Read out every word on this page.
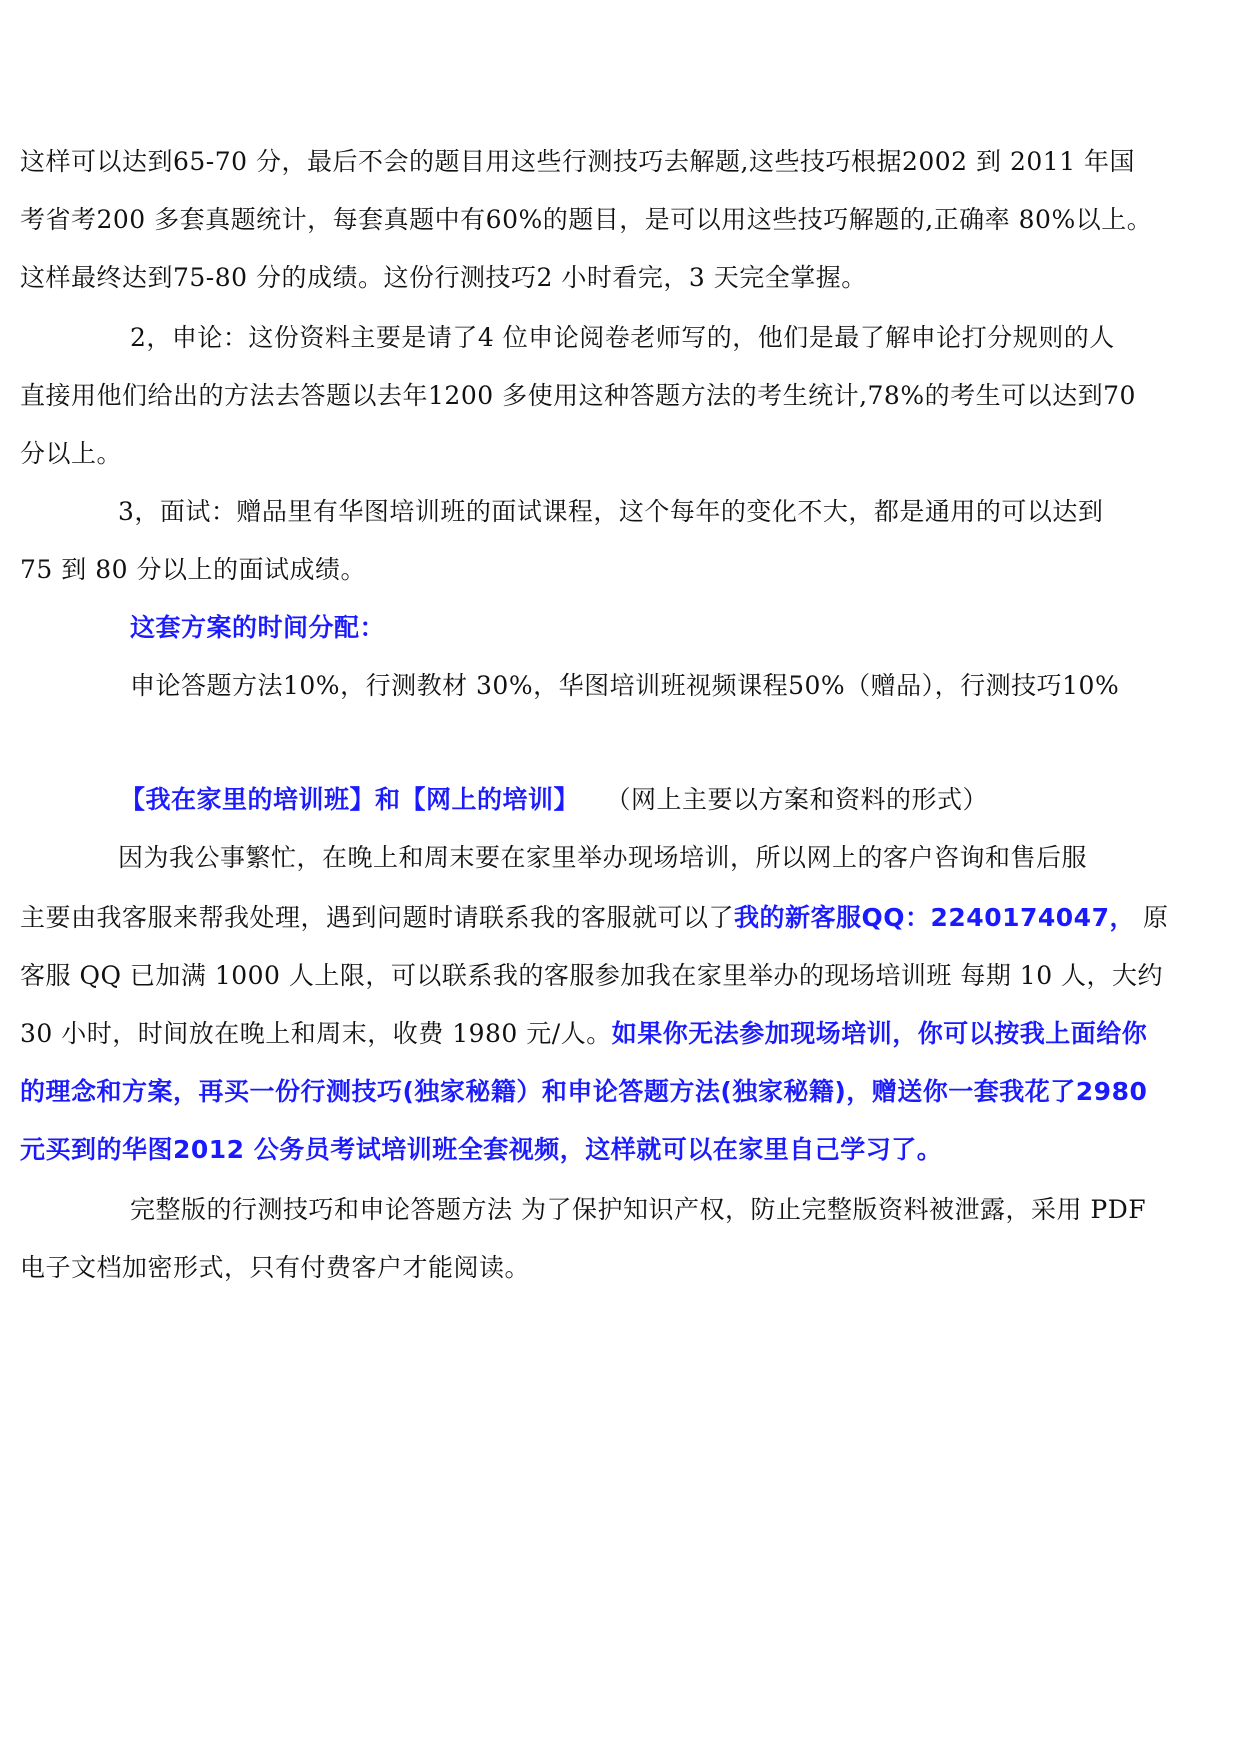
这样可以达到65-70 分，最后不会的题目用这些行测技巧去解题,这些技巧根据2002 到 2011 年国
考省考200 多套真题统计，每套真题中有60%的题目，是可以用这些技巧解题的,正确率 80%以上。
这样最终达到75-80 分的成绩。这份行测技巧2 小时看完，3 天完全掌握。
2，申论：这份资料主要是请了4 位申论阅卷老师写的，他们是最了解申论打分规则的人
直接用他们给出的方法去答题以去年1200 多使用这种答题方法的考生统计,78%的考生可以达到70
分以上。
3，面试：赠品里有华图培训班的面试课程，这个每年的变化不大，都是通用的可以达到
75 到 80 分以上的面试成绩。
这套方案的时间分配：
申论答题方法10%，行测教材 30%，华图培训班视频课程50%（赠品），行测技巧10%
【我在家里的培训班】和【网上的培训】 （网上主要以方案和资料的形式）
因为我公事繁忙，在晚上和周末要在家里举办现场培训，所以网上的客户咨询和售后服
主要由我客服来帮我处理，遇到问题时请联系我的客服就可以了我的新客服QQ：2240174047， 原
客服 QQ 已加满 1000 人上限，可以联系我的客服参加我在家里举办的现场培训班 每期 10 人，大约
30 小时，时间放在晚上和周末，收费 1980 元/人。如果你无法参加现场培训，你可以按我上面给你
的理念和方案，再买一份行测技巧(独家秘籍）和申论答题方法(独家秘籍)，赠送你一套我花了2980
元买到的华图2012 公务员考试培训班全套视频，这样就可以在家里自己学习了。
完整版的行测技巧和申论答题方法 为了保护知识产权，防止完整版资料被泄露，采用 PDF
电子文档加密形式，只有付费客户才能阅读。
